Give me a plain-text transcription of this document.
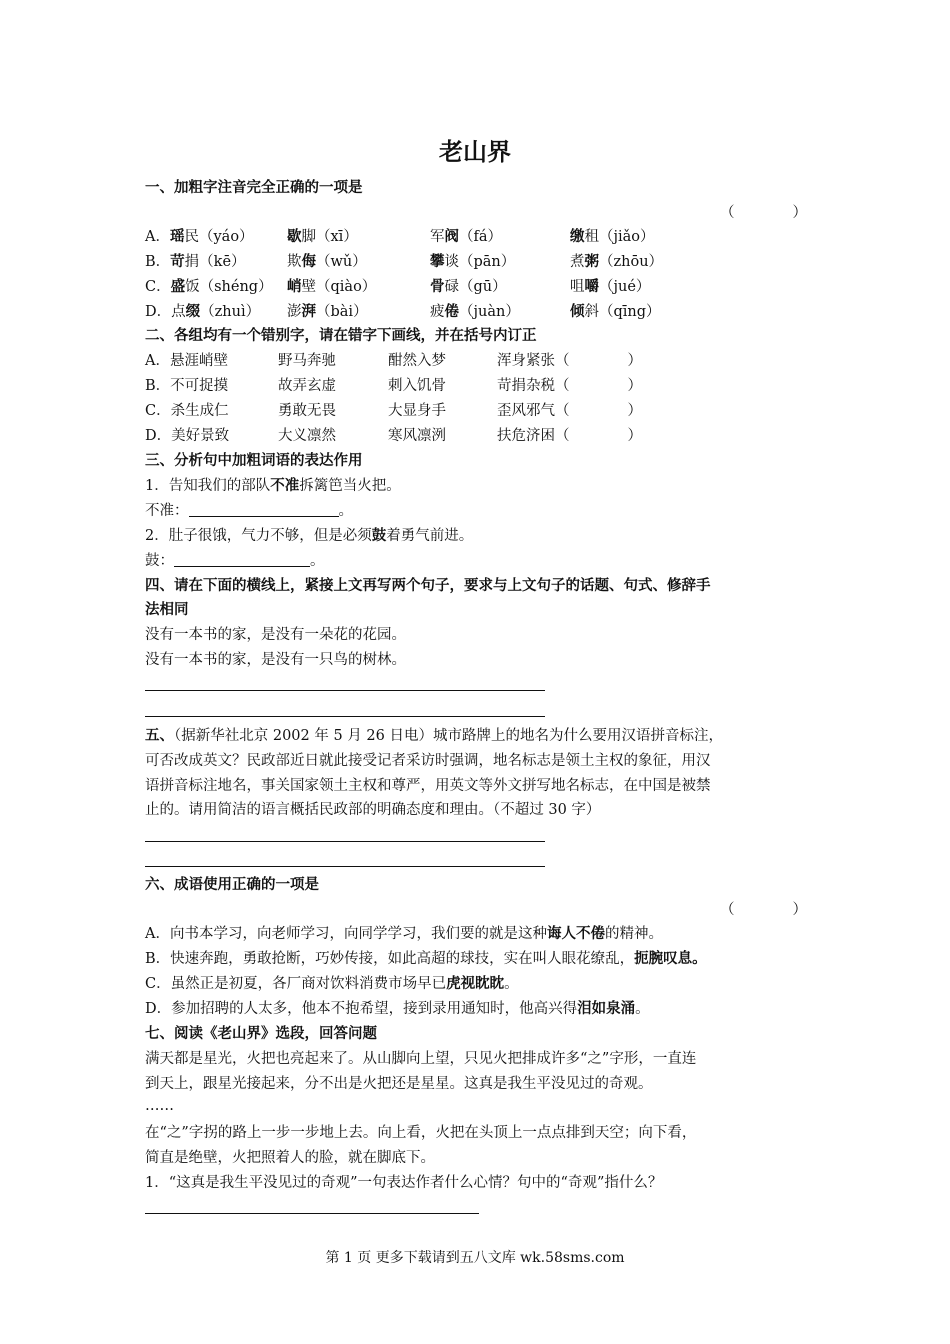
老山界
一、加粗字注音完全正确的一项是
（　　　　）
A．瑶民（yáo） 歇脚（xī）	军阀（fá）	缴租（jiǎo）
B．苛捐（kē）	欺侮（wǔ）	攀谈（pān）	煮粥（zhōu）
C．盛饭（shéng） 峭壁（qiào）	骨碌（gū）	咀嚼（jué）
D．点缀（zhuì） 澎湃（bài）	疲倦（juàn）	倾斜（qīng）
二、各组均有一个错别字，请在错字下画线，并在括号内订正
A．悬涯峭壁	野马奔驰	酣然入梦	浑身紧张（　　　　）
B．不可捉摸	故弄玄虚	刺入饥骨	苛捐杂税（　　　　）
C．杀生成仁	勇敢无畏	大显身手	歪风邪气（　　　　）
D．美好景致	大义凛然	寒风凛洌	扶危济困（　　　　）
三、分析句中加粗词语的表达作用
1．告知我们的部队不准拆篱笆当火把。
不准：	。
2．肚子很饿，气力不够，但是必须鼓着勇气前进。
鼓：	。
四、请在下面的横线上，紧接上文再写两个句子，要求与上文句子的话题、句式、修辞手
法相同
没有一本书的家，是没有一朵花的花园。
没有一本书的家，是没有一只鸟的树林。
五、（据新华社北京 2002 年 5 月 26 日电）城市路牌上的地名为什么要用汉语拼音标注，
可否改成英文？民政部近日就此接受记者采访时强调，地名标志是领土主权的象征，用汉
语拼音标注地名，事关国家领土主权和尊严，用英文等外文拼写地名标志，在中国是被禁
止的。请用简洁的语言概括民政部的明确态度和理由。（不超过 30 字）
六、成语使用正确的一项是
（　　　　）
A．向书本学习，向老师学习，向同学学习，我们要的就是这种诲人不倦的精神。
B．快速奔跑，勇敢抢断，巧妙传接，如此高超的球技，实在叫人眼花缭乱，扼腕叹息。
C．虽然正是初夏，各厂商对饮料消费市场早已虎视眈眈。
D．参加招聘的人太多，他本不抱希望，接到录用通知时，他高兴得泪如泉涌。
七、阅读《老山界》选段，回答问题
满天都是星光，火把也亮起来了。从山脚向上望，只见火把排成许多“之”字形，一直连
到天上，跟星光接起来，分不出是火把还是星星。这真是我生平没见过的奇观。
……
在“之”字拐的路上一步一步地上去。向上看，火把在头顶上一点点排到天空；向下看，
简直是绝壁，火把照着人的脸，就在脚底下。
1．“这真是我生平没见过的奇观”一句表达作者什么心情？句中的“奇观”指什么？
第 1 页 更多下载请到五八文库 wk.58sms.com
